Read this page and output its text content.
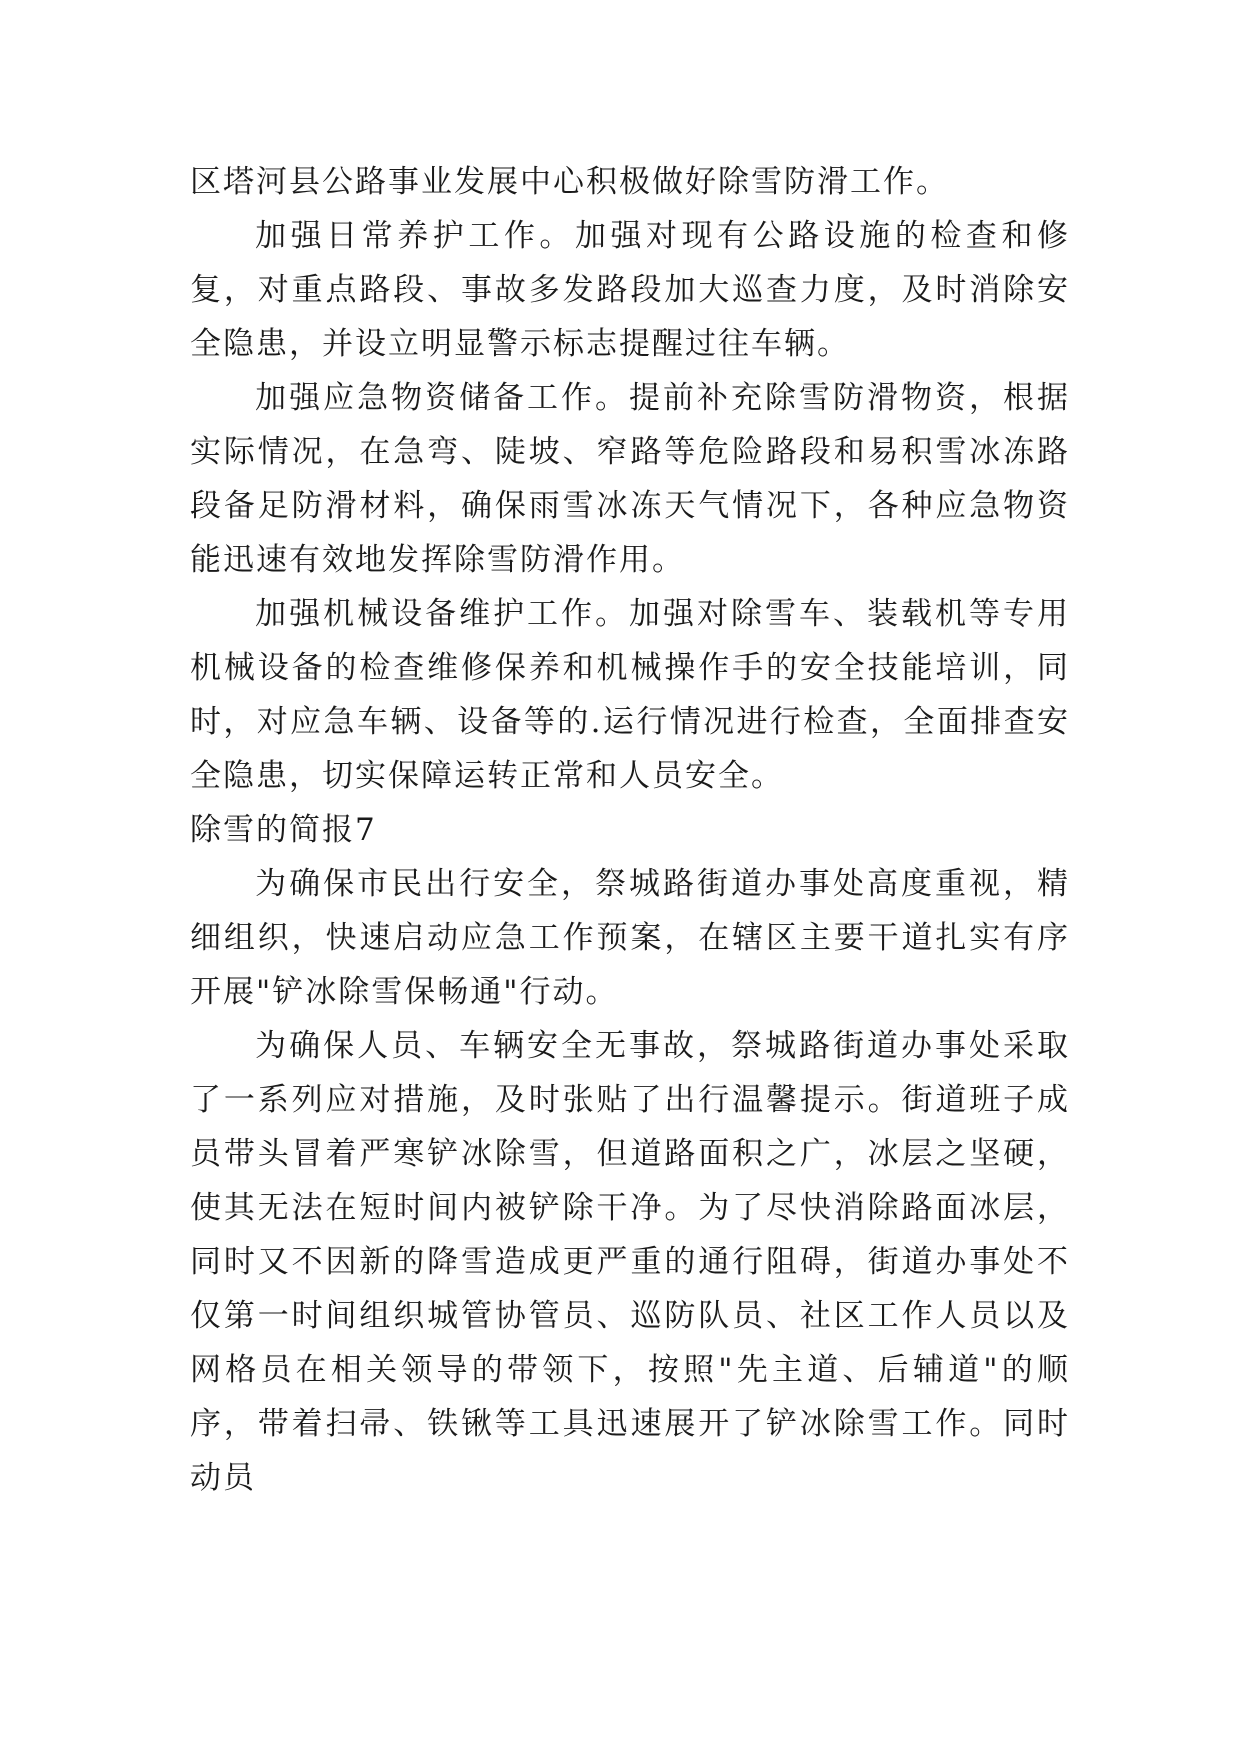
区塔河县公路事业发展中心积极做好除雪防滑工作。

加强日常养护工作。加强对现有公路设施的检查和修复，对重点路段、事故多发路段加大巡查力度，及时消除安全隐患，并设立明显警示标志提醒过往车辆。

加强应急物资储备工作。提前补充除雪防滑物资，根据实际情况，在急弯、陡坡、窄路等危险路段和易积雪冰冻路段备足防滑材料，确保雨雪冰冻天气情况下，各种应急物资能迅速有效地发挥除雪防滑作用。

加强机械设备维护工作。加强对除雪车、装载机等专用机械设备的检查维修保养和机械操作手的安全技能培训，同时，对应急车辆、设备等的.运行情况进行检查，全面排查安全隐患，切实保障运转正常和人员安全。

除雪的简报7

为确保市民出行安全，祭城路街道办事处高度重视，精细组织，快速启动应急工作预案，在辖区主要干道扎实有序开展"铲冰除雪保畅通"行动。

为确保人员、车辆安全无事故，祭城路街道办事处采取了一系列应对措施，及时张贴了出行温馨提示。街道班子成员带头冒着严寒铲冰除雪，但道路面积之广，冰层之坚硬，使其无法在短时间内被铲除干净。为了尽快消除路面冰层，同时又不因新的降雪造成更严重的通行阻碍，街道办事处不仅第一时间组织城管协管员、巡防队员、社区工作人员以及网格员在相关领导的带领下，按照"先主道、后辅道"的顺序，带着扫帚、铁锹等工具迅速展开了铲冰除雪工作。同时动员
